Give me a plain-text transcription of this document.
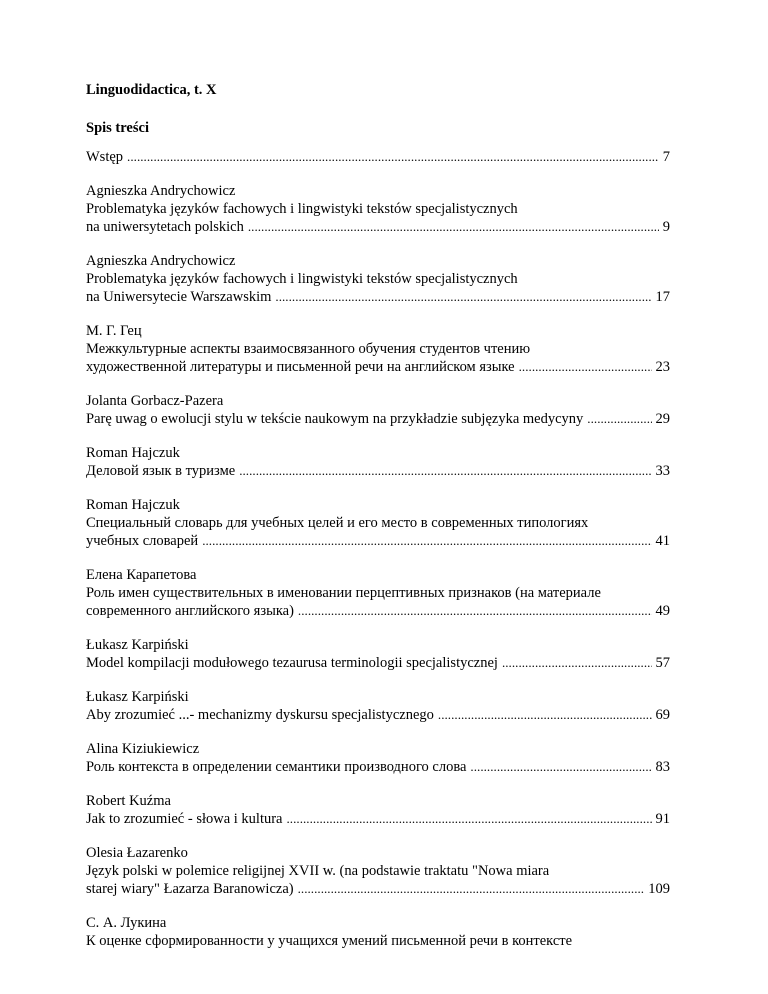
Linguodidactica, t. X
Spis treści
Wstęp . . .	7
Agnieszka Andrychowicz
Problematyka języków fachowych i lingwistyki tekstów specjalistycznych
na uniwersytetach polskich . . .	9
Agnieszka Andrychowicz
Problematyka języków fachowych i lingwistyki tekstów specjalistycznych
na Uniwersytecie Warszawskim . . .	17
М. Г. Гец
Межкультурные аспекты взаимосвязанного обучения студентов чтению
художественной литературы и письменной речи на английском языке . . .	23
Jolanta Gorbacz-Pazera
Parę uwag o ewolucji stylu w tekście naukowym na przykładzie subjęzyka medycyny . . .	29
Roman Hajczuk
Деловой язык в туризме . . .	33
Roman Hajczuk
Специальный словарь для учебных целей и его место в современных типологиях
учебных словарей . . .	41
Елена Карапетова
Роль имен существительных в именовании перцептивных признаков (на материале
современного английского языка) . . .	49
Łukasz Karpiński
Model kompilacji modułowego tezaurusa terminologii specjalistycznej . . .	57
Łukasz Karpiński
Aby zrozumieć ...- mechanizmy dyskursu specjalistycznego . . .	69
Alina Kiziukiewicz
Роль контекста в определении семантики производного слова . . .	83
Robert Kuźma
Jak to zrozumieć - słowa i kultura . . .	91
Olesia Łazarenko
Język polski w polemice religijnej XVII w. (na podstawie traktatu "Nowa miara
starej wiary" Łazarza Baranowicza) . . .	109
С. А. Лукина
К оценке сформированности у учащихся умений письменной речи в контексте
